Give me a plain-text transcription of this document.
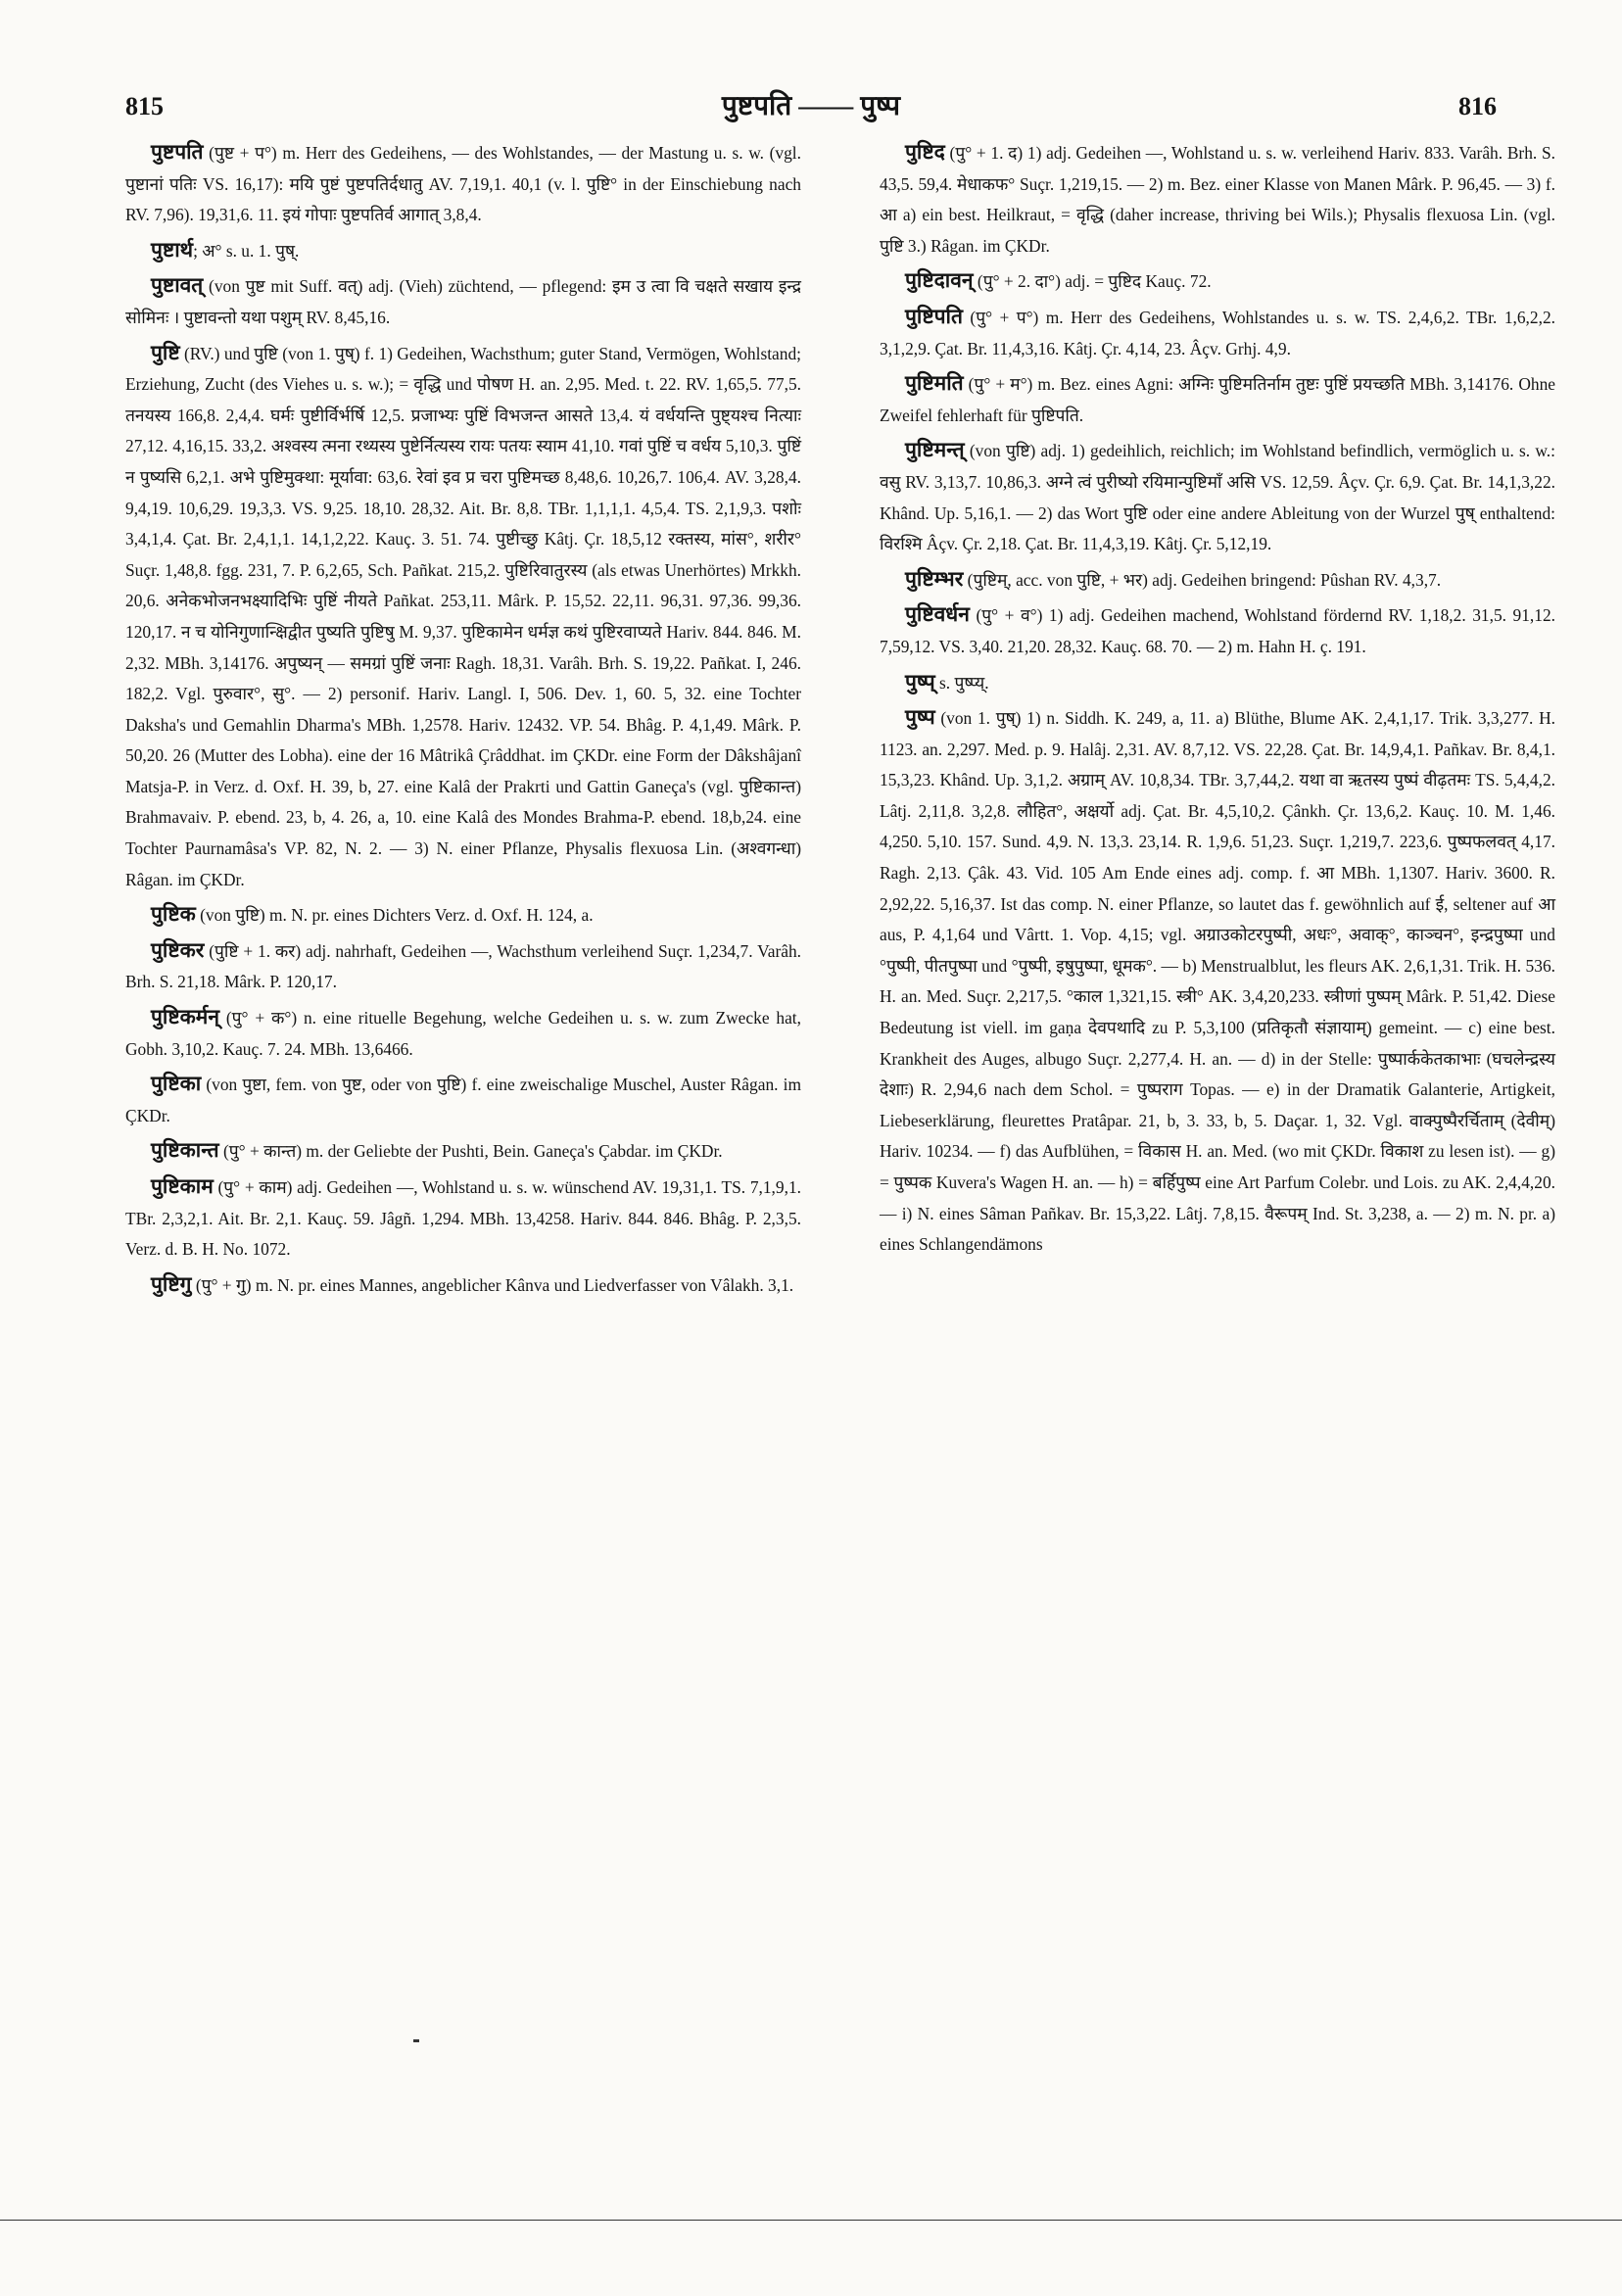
815	पुष्टपति —— पुष्प	816

पुष्टपति (पुष्ट + प°) m. Herr des Gedeihens, — des Wohlstandes, — der Mastung u. s. w. (vgl. पुष्टानां पतिः VS. 16,17): मयि पुष्टं पुष्टपतिर्दधातु AV. 7,19,1. 40,1 (v. l. पुष्टि° in der Einschiebung nach RV. 7,96). 19,31,6. 11. इयं गोपाः पुष्टपतिर्व आगात् 3,8,4.

पुष्टार्थ; अ° s. u. 1. पुष्.

पुष्टावत् (von पुष्ट mit Suff. वत्) adj. (Vieh) züchtend, — pflegend: इम उ त्वा वि चक्षते सखाय इन्द्र सोमिनः । पुष्टावन्तो यथा पशुम् RV. 8,45,16.

पुष्टि (RV.) und पुष्टि (von 1. पुष्) f. 1) Gedeihen, Wachsthum; guter Stand, Vermögen, Wohlstand; Erziehung, Zucht (des Viehes u. s. w.); = वृद्धि und पोषण H. an. 2,95. Med. t. 22. RV. 1,65,5. 77,5. तनयस्य 166,8. 2,4,4. घर्मः पुष्टीर्विर्भर्षि 12,5. प्रजाभ्यः पुष्टिं विभजन्त आसते 13,4. यं वर्धयन्ति पुष्ट्यश्च नित्याः 27,12. 4,16,15. 33,2. अश्वस्य त्मना रथ्यस्य पुष्टेर्नित्यस्य रायः पतयः स्याम 41,10. गवां पुष्टिं च वर्धय 5,10,3. पुष्टिं न पुष्यसि 6,2,1. अभे पुष्टिमुक्था: मूर्यावा: 63,6. रेवां इव प्र चरा पुष्टिमच्छ 8,48,6. 10,26,7. 106,4. AV. 3,28,4. 9,4,19. 10,6,29. 19,3,3. VS. 9,25. 18,10. 28,32. Ait. Br. 8,8. TBr. 1,1,1,1. 4,5,4. TS. 2,1,9,3. पशोः 3,4,1,4. Çat. Br. 2,4,1,1. 14,1,2,22. Kauç. 3. 51. 74. पुष्टीच्छु Kâtj. Çr. 18,5,12 रक्तस्य, मांस°, शरीर° Suçr. 1,48,8. fgg. 231, 7. P. 6,2,65, Sch. Pañkat. 215,2. पुष्टिरिवातुरस्य (als etwas Unerhörtes) Mrkkh. 20,6. अनेकभोजनभक्ष्यादिभिः पुष्टिं नीयते Pañkat. 253,11. Mârk. P. 15,52. 22,11. 96,31. 97,36. 99,36. 120,17. न च योनिगुणान्क्षिद्वीत पुष्यति पुष्टिषु M. 9,37. पुष्टिकामेन धर्मज्ञ कथं पुष्टिरवाप्यते Hariv. 844. 846. M. 2,32. MBh. 3,14176. अपुष्यन् — समग्रां पुष्टिं जनाः Ragh. 18,31. Varâh. Brh. S. 19,22. Pañkat. I, 246. 182,2. Vgl. पुरुवार°, सु°. — 2) personif. Hariv. Langl. I, 506. Dev. 1, 60. 5, 32. eine Tochter Daksha's und Gemahlin Dharma's MBh. 1,2578. Hariv. 12432. VP. 54. Bhâg. P. 4,1,49. Mârk. P. 50,20. 26 (Mutter des Lobha). eine der 16 Mâtrikâ Çrâddhat. im ÇKDr. eine Form der Dâkshâjanî Matsja-P. in Verz. d. Oxf. H. 39, b, 27. eine Kalâ der Prakrti und Gattin Ganeça's (vgl. पुष्टिकान्त) Brahmavaiv. P. ebend. 23, b, 4. 26, a, 10. eine Kalâ des Mondes Brahma-P. ebend. 18,b,24. eine Tochter Paurnamâsa's VP. 82, N. 2. — 3) N. einer Pflanze, Physalis flexuosa Lin. (अश्वगन्धा) Râgan. im ÇKDr.

पुष्टिक (von पुष्टि) m. N. pr. eines Dichters Verz. d. Oxf. H. 124, a.

पुष्टिकर (पुष्टि + 1. कर) adj. nahrhaft, Gedeihen —, Wachsthum verleihend Suçr. 1,234,7. Varâh. Brh. S. 21,18. Mârk. P. 120,17.

पुष्टिकर्मन् (पु° + क°) n. eine rituelle Begehung, welche Gedeihen u. s. w. zum Zwecke hat, Gobh. 3,10,2. Kauç. 7. 24. MBh. 13,6466.

पुष्टिका (von पुष्टा, fem. von पुष्ट, oder von पुष्टि) f. eine zweischalige Muschel, Auster Râgan. im ÇKDr.

पुष्टिकान्त (पु° + कान्त) m. der Geliebte der Pushti, Bein. Ganeça's Çabdar. im ÇKDr.

पुष्टिकाम (पु° + काम) adj. Gedeihen —, Wohlstand u. s. w. wünschend AV. 19,31,1. TS. 7,1,9,1. TBr. 2,3,2,1. Ait. Br. 2,1. Kauç. 59. Jâgñ. 1,294. MBh. 13,4258. Hariv. 844. 846. Bhâg. P. 2,3,5. Verz. d. B. H. No. 1072.

पुष्टिगु (पु° + गु) m. N. pr. eines Mannes, angeblicher Kânva und Liedverfasser von Vâlakh. 3,1.

पुष्टिद (पु° + 1. द) 1) adj. Gedeihen —, Wohlstand u. s. w. verleihend Hariv. 833. Varâh. Brh. S. 43,5. 59,4. मेधाकफ° Suçr. 1,219,15. — 2) m. Bez. einer Klasse von Manen Mârk. P. 96,45. — 3) f. आ a) ein best. Heilkraut, = वृद्धि (daher increase, thriving bei Wils.); Physalis flexuosa Lin. (vgl. पुष्टि 3.) Râgan. im ÇKDr.

पुष्टिदावन् (पु° + 2. दा°) adj. = पुष्टिद Kauç. 72.

पुष्टिपति (पु° + प°) m. Herr des Gedeihens, Wohlstandes u. s. w. TS. 2,4,6,2. TBr. 1,6,2,2. 3,1,2,9. Çat. Br. 11,4,3,16. Kâtj. Çr. 4,14, 23. Âçv. Grhj. 4,9.

पुष्टिमति (पु° + म°) m. Bez. eines Agni: अग्निः पुष्टिमतिर्नाम तुष्टः पुष्टिं प्रयच्छति MBh. 3,14176. Ohne Zweifel fehlerhaft für पुष्टिपति.

पुष्टिमन्त् (von पुष्टि) adj. 1) gedeihlich, reichlich; im Wohlstand befindlich, vermöglich u. s. w.: वसु RV. 3,13,7. 10,86,3. अग्ने त्वं पुरीष्यो रयिमान्पुष्टिमाँ असि VS. 12,59. Âçv. Çr. 6,9. Çat. Br. 14,1,3,22. Khând. Up. 5,16,1. — 2) das Wort पुष्टि oder eine andere Ableitung von der Wurzel पुष् enthaltend: विरश्मि Âçv. Çr. 2,18. Çat. Br. 11,4,3,19. Kâtj. Çr. 5,12,19.

पुष्टिम्भर (पुष्टिम्, acc. von पुष्टि, + भर) adj. Gedeihen bringend: Pûshan RV. 4,3,7.

पुष्टिवर्धन (पु° + व°) 1) adj. Gedeihen machend, Wohlstand fördernd RV. 1,18,2. 31,5. 91,12. 7,59,12. VS. 3,40. 21,20. 28,32. Kauç. 68. 70. — 2) m. Hahn H. ç. 191.

पुष्प् s. पुष्प्य्.

पुष्प (von 1. पुष्) 1) n. Siddh. K. 249, a, 11. a) Blüthe, Blume AK. 2,4,1,17. Trik. 3,3,277. H. 1123. an. 2,297. Med. p. 9. Halâj. 2,31. AV. 8,7,12. VS. 22,28. Çat. Br. 14,9,4,1. Pañkav. Br. 8,4,1. 15,3,23. Khând. Up. 3,1,2. अग्राम् AV. 10,8,34. TBr. 3,7,44,2. यथा वा ऋतस्य पुष्पं वीढ़तमः TS. 5,4,4,2. Lâtj. 2,11,8. 3,2,8. लौहित°, अक्षर्यो adj. Çat. Br. 4,5,10,2. Çânkh. Çr. 13,6,2. Kauç. 10. M. 1,46. 4,250. 5,10. 157. Sund. 4,9. N. 13,3. 23,14. R. 1,9,6. 51,23. Suçr. 1,219,7. 223,6. पुष्पफलवत् 4,17. Ragh. 2,13. Çâk. 43. Vid. 105 Am Ende eines adj. comp. f. आ MBh. 1,1307. Hariv. 3600. R. 2,92,22. 5,16,37. Ist das comp. N. einer Pflanze, so lautet das f. gewöhnlich auf ई, seltener auf आ aus, P. 4,1,64 und Vârtt. 1. Vop. 4,15; vgl. अग्राउकोटरपुष्पी, अधः°, अवाक्°, काञ्चन°, इन्द्रपुष्पा und °पुष्पी, पीतपुष्पा und °पुष्पी, इषुपुष्पा, धूमक°. — b) Menstrualblut, les fleurs AK. 2,6,1,31. Trik. H. 536. H. an. Med. Suçr. 2,217,5. °काल 1,321,15. स्त्री° AK. 3,4,20,233. स्त्रीणां पुष्पम् Mârk. P. 51,42. Diese Bedeutung ist viell. im gaṇa देवपथादि zu P. 5,3,100 (प्रतिकृतौ संज्ञायाम्) gemeint. — c) eine best. Krankheit des Auges, albugo Suçr. 2,277,4. H. an. — d) in der Stelle: पुष्पार्ककेतकाभाः (घचलेन्द्रस्य देशाः) R. 2,94,6 nach dem Schol. = पुष्पराग Topas. — e) in der Dramatik Galanterie, Artigkeit, Liebeserklärung, fleurettes Pratâpar. 21, b, 3. 33, b, 5. Daçar. 1, 32. Vgl. वाक्पुष्पैरर्चिताम् (देवीम्) Hariv. 10234. — f) das Aufblühen, = विकास H. an. Med. (wo mit ÇKDr. विकाश zu lesen ist). — g) = पुष्पक Kuvera's Wagen H. an. — h) = बर्हिपुष्प eine Art Parfum Colebr. und Lois. zu AK. 2,4,4,20. — i) N. eines Sâman Pañkav. Br. 15,3,22. Lâtj. 7,8,15. वैरूपम् Ind. St. 3,238, a. — 2) m. N. pr. a) eines Schlangendämons
